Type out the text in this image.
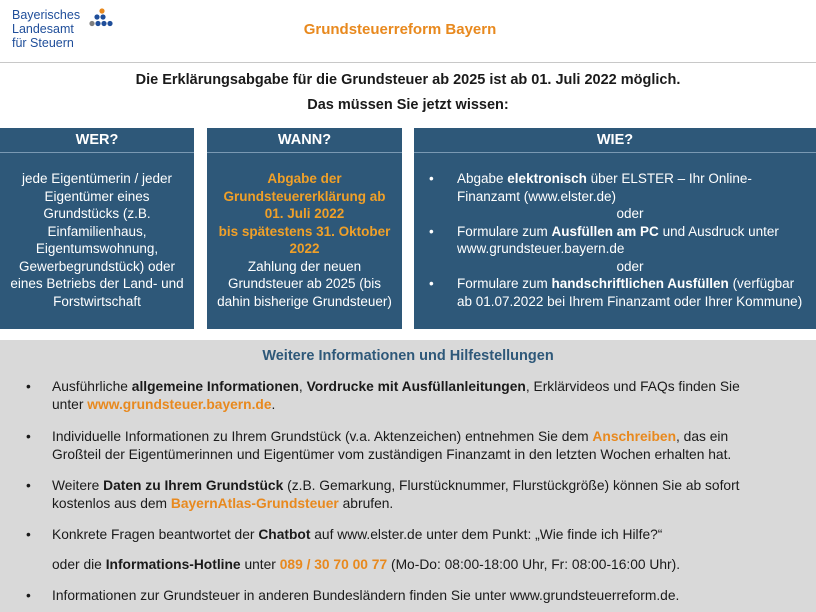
Bayerisches
Landesamt
für Steuern
Grundsteuerreform Bayern
Die Erklärungsabgabe für die Grundsteuer ab 2025 ist ab 01. Juli 2022 möglich.
Das müssen Sie jetzt wissen:
WER?
jede Eigentümerin / jeder Eigentümer eines Grundstücks (z.B. Einfamilienhaus, Eigentumswohnung, Gewerbegrundstück) oder eines Betriebs der Land- und Forstwirtschaft
WANN?
Abgabe der Grundsteuererklärung ab 01. Juli 2022
bis spätestens 31. Oktober 2022
Zahlung der neuen Grundsteuer ab 2025 (bis dahin bisherige Grundsteuer)
WIE?
• Abgabe elektronisch über ELSTER – Ihr Online-Finanzamt (www.elster.de)
oder
• Formulare zum Ausfüllen am PC und Ausdruck unter www.grundsteuer.bayern.de
oder
• Formulare zum handschriftlichen Ausfüllen (verfügbar ab 01.07.2022 bei Ihrem Finanzamt oder Ihrer Kommune)
Weitere Informationen und Hilfestellungen
• Ausführliche allgemeine Informationen, Vordrucke mit Ausfüllanleitungen, Erklärvideos und FAQs finden Sie
unter www.grundsteuer.bayern.de.
• Individuelle Informationen zu Ihrem Grundstück (v.a. Aktenzeichen) entnehmen Sie dem Anschreiben, das ein
Großteil der Eigentümerinnen und Eigentümer vom zuständigen Finanzamt in den letzten Wochen erhalten hat.
• Weitere Daten zu Ihrem Grundstück (z.B. Gemarkung, Flurstücknummer, Flurstückgröße) können Sie ab sofort
kostenlos aus dem BayernAtlas-Grundsteuer abrufen.
• Konkrete Fragen beantwortet der Chatbot auf www.elster.de unter dem Punkt: „Wie finde ich Hilfe?“
oder die Informations-Hotline unter 089 / 30 70 00 77 (Mo-Do: 08:00-18:00 Uhr, Fr: 08:00-16:00 Uhr).
• Informationen zur Grundsteuer in anderen Bundesländern finden Sie unter www.grundsteuerreform.de.
